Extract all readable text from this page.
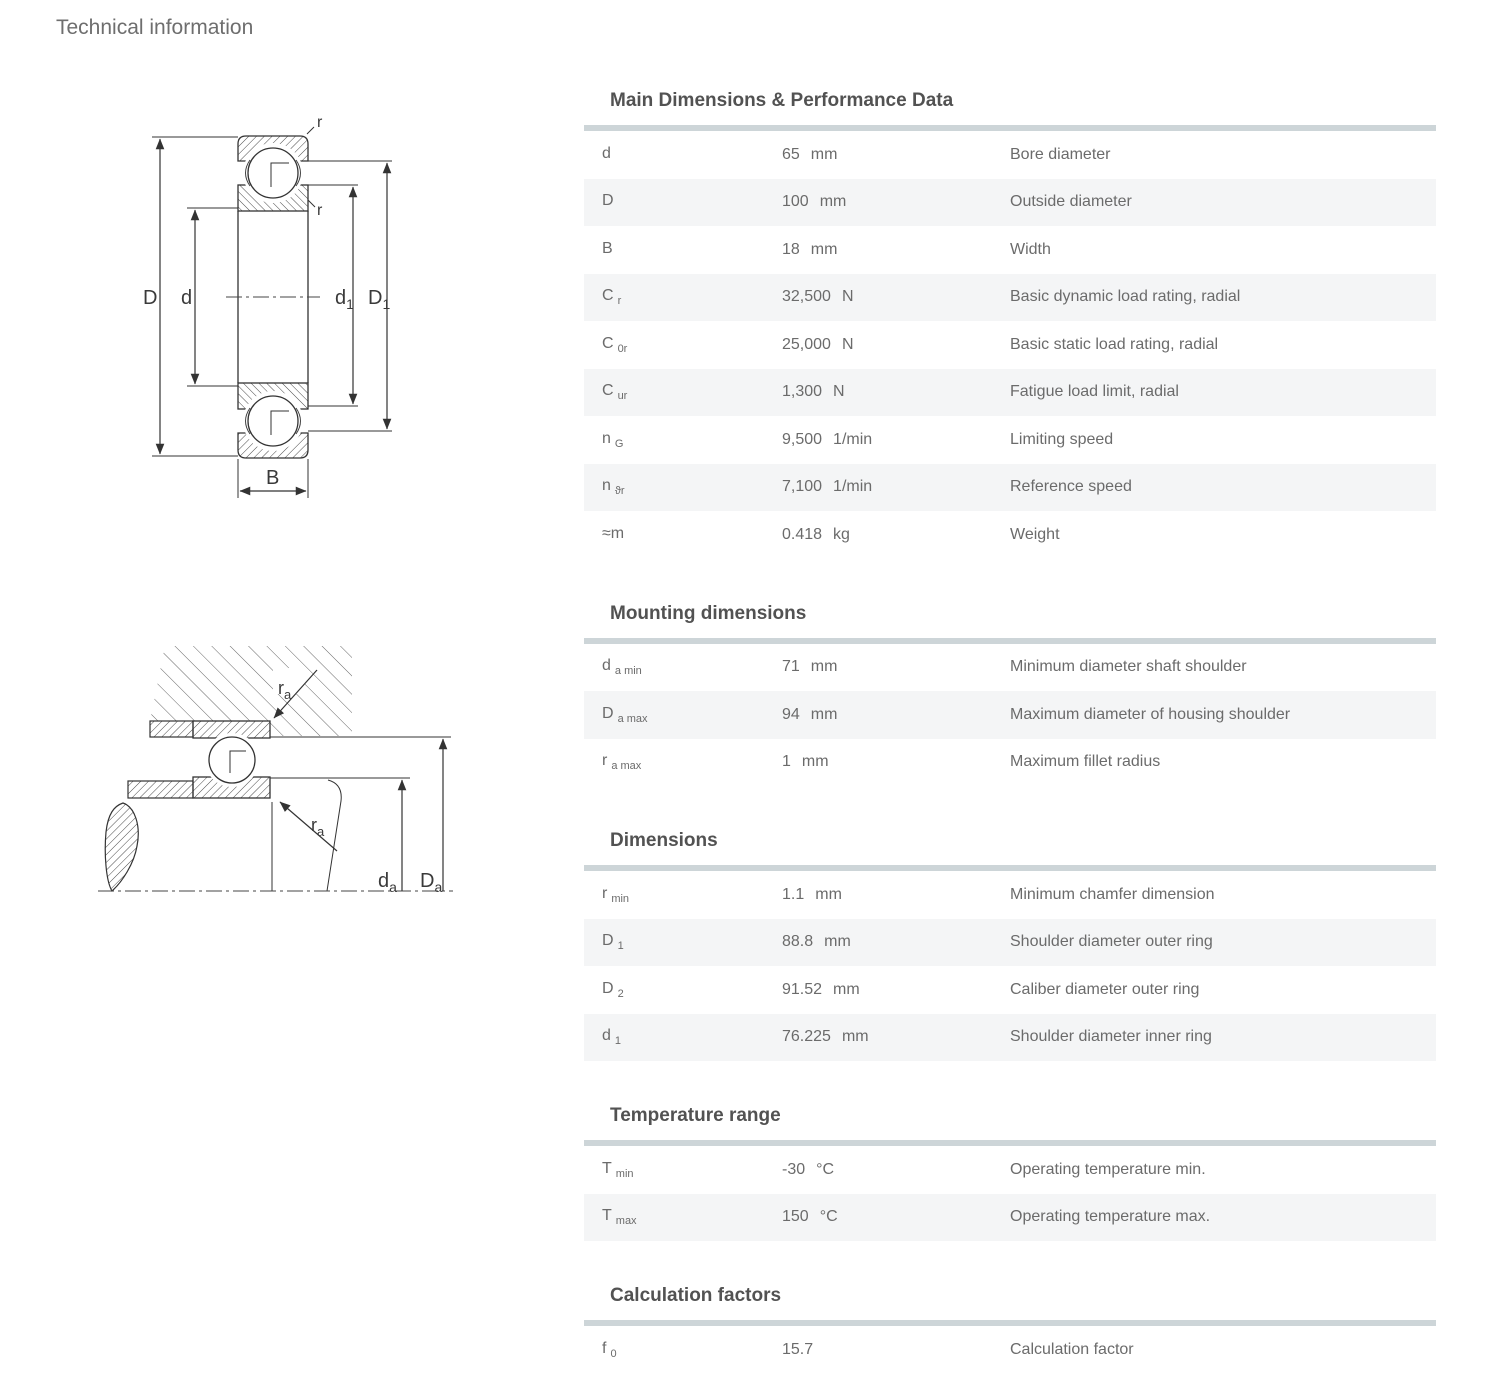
Technical information
D d	$d_1$ $D_1$
B
r
r
$r_a$
$r_a$
$d_a$ $D_a$
Main Dimensions & Performance Data
d	65 mm	Bore diameter
D	100 mm	Outside diameter
B	18 mm	Width
C $_r$	32,500 N	Basic dynamic load rating, radial
C $_{0r}$	25,000 N	Basic static load rating, radial
C $_{ur}$	1,300 N	Fatigue load limit, radial
n $_G$	9,500 1/min	Limiting speed
n $_{ϑr}$	7,100 1/min	Reference speed
≈m	0.418 kg	Weight
Mounting dimensions
d $_{a min}$	71 mm	Minimum diameter shaft shoulder
D $_{a max}$	94 mm	Maximum diameter of housing shoulder
r $_{a max}$	1 mm	Maximum fillet radius
Dimensions
r $_{min}$	1.1 mm	Minimum chamfer dimension
D $_1$	88.8 mm	Shoulder diameter outer ring
D $_2$	91.52 mm	Caliber diameter outer ring
d $_1$	76.225 mm	Shoulder diameter inner ring
Temperature range
T $_{min}$	-30 °C	Operating temperature min.
T $_{max}$	150 °C	Operating temperature max.
Calculation factors
f $_0$	15.7	Calculation factor
